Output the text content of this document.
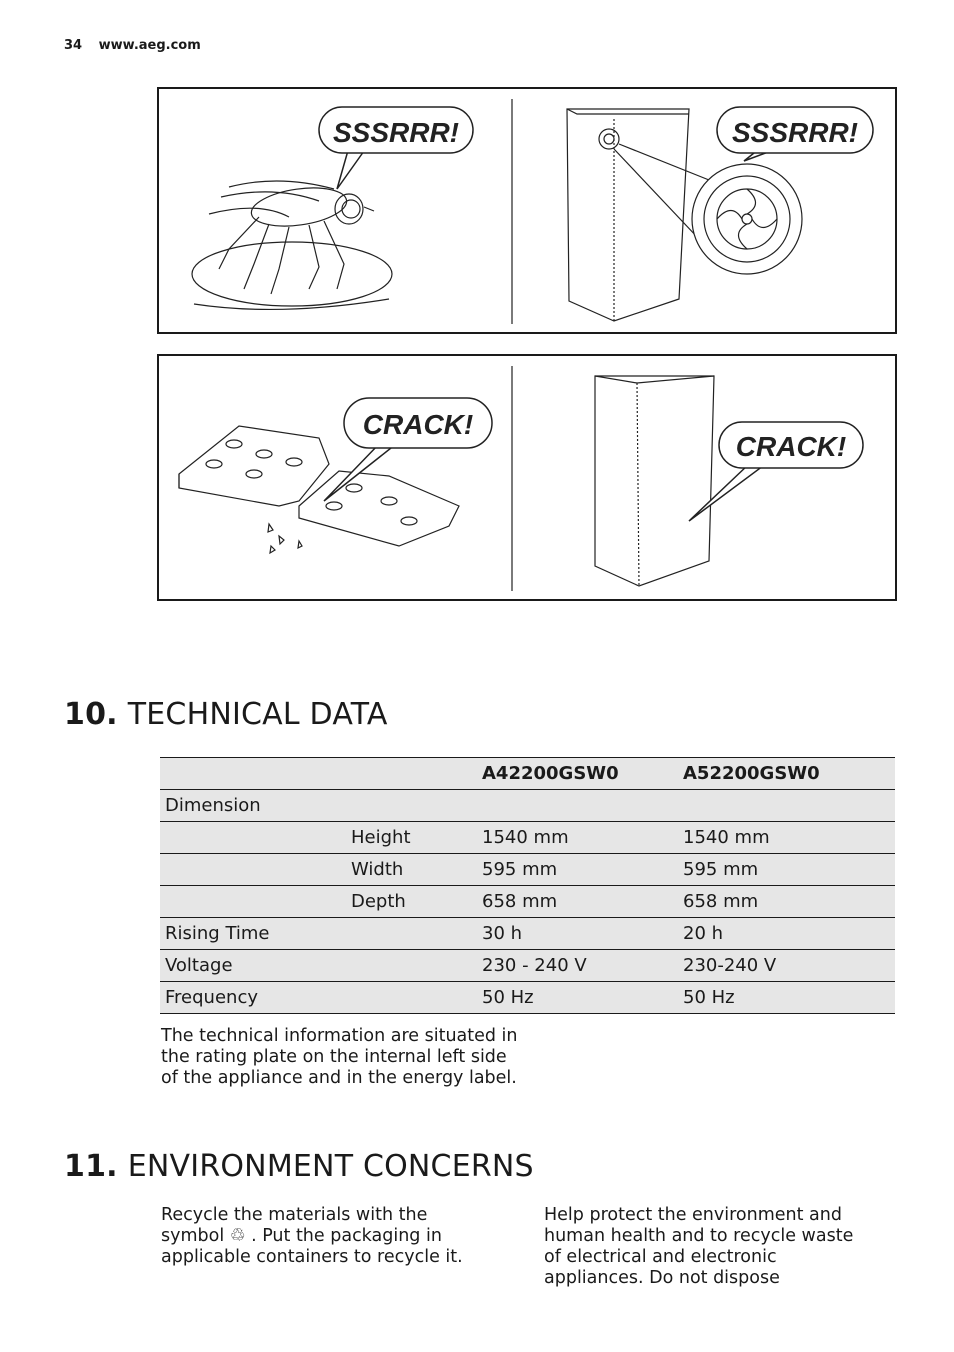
34 www.aeg.com
SSSRRR!	SSSRRR!
CRACK!
CRACK!
10. TECHNICAL DATA
		A42200GSW0	A52200GSW0
Dimension			
	Height	1540 mm	1540 mm
	Width	595 mm	595 mm
	Depth	658 mm	658 mm
Rising Time		30 h	20 h
Voltage		230 - 240 V	230-240 V
Frequency		50 Hz	50 Hz
The technical information are situated in the rating plate on the internal left side of the appliance and in the energy label.
11. ENVIRONMENT CONCERNS
Recycle the materials with the symbol ♲ . Put the packaging in applicable containers to recycle it.
Help protect the environment and human health and to recycle waste of electrical and electronic appliances. Do not dispose
